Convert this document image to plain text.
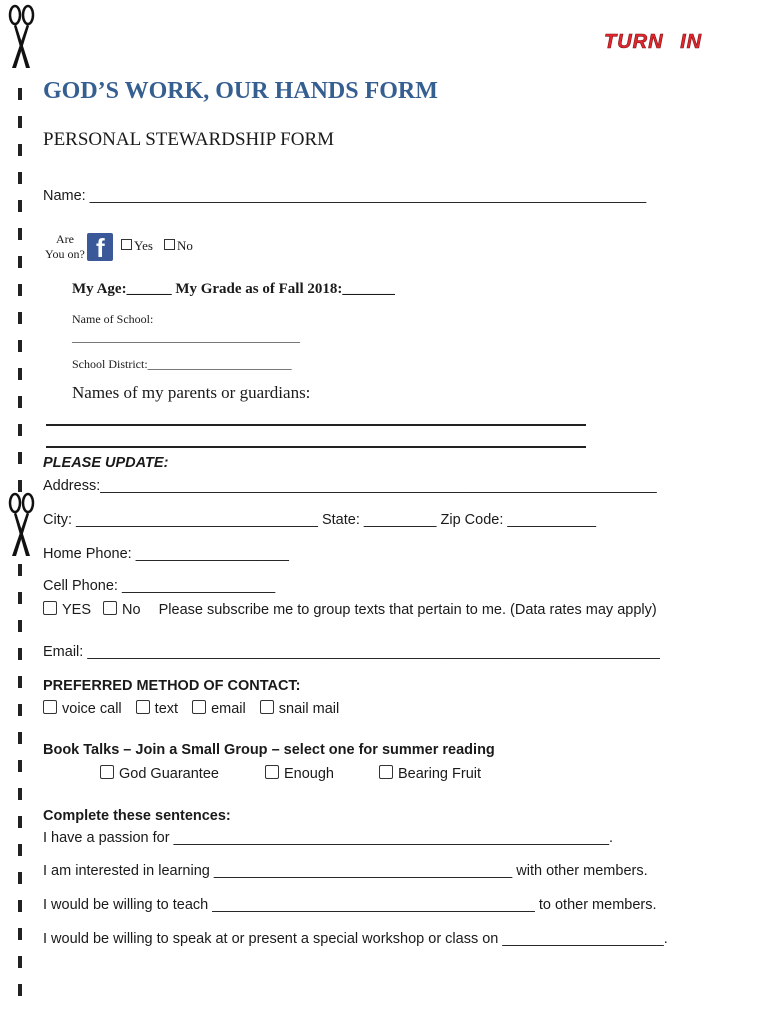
TURN IN
GOD’S WORK, OUR HANDS FORM
PERSONAL STEWARDSHIP FORM
Name: _____________________________________________________________________
Are
You on? f	Yes	No
My Age:______ My Grade as of Fall 2018:_______
Name of School:
______________________________________
School District:________________________
Names of my parents or guardians:
PLEASE UPDATE:
Address:_____________________________________________________________________
City: ______________________________ State: _________ Zip Code: ___________
Home Phone: ___________________
Cell Phone: ___________________
YES No Please subscribe me to group texts that pertain to me. (Data rates may apply)
Email: _______________________________________________________________________
PREFERRED METHOD OF CONTACT:
voice call text email snail mail
Book Talks – Join a Small Group – select one for summer reading
God Guarantee	Enough	Bearing Fruit
Complete these sentences:
I have a passion for ______________________________________________________.
I am interested in learning _____________________________________ with other members.
I would be willing to teach ________________________________________ to other members.
I would be willing to speak at or present a special workshop or class on ____________________.
